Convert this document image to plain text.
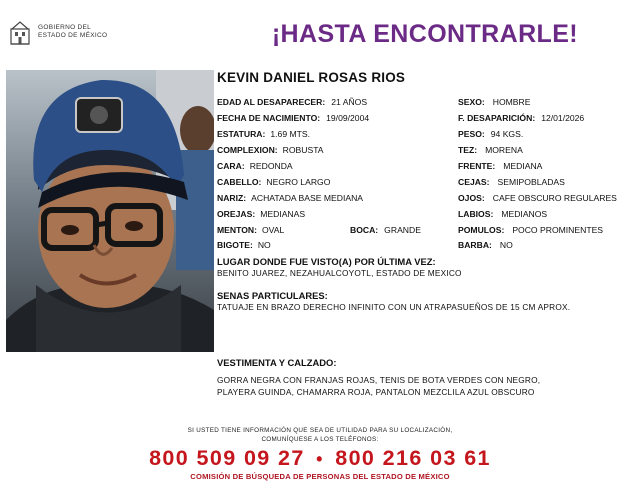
GOBIERNO DEL
ESTADO DE MÉXICO	¡HASTA ENCONTRARLE!
KEVIN DANIEL ROSAS RIOS
EDAD AL DESAPARECER: 21 AÑOS
FECHA DE NACIMIENTO: 19/09/2004
ESTATURA: 1.69 MTS.
COMPLEXION: ROBUSTA
CARA: REDONDA
CABELLO: NEGRO LARGO
NARIZ: ACHATADA BASE MEDIANA
OREJAS: MEDIANAS
MENTON: OVAL
BIGOTE: NO
BOCA: GRANDE
SEXO: HOMBRE
F. DESAPARICIÓN: 12/01/2026
PESO: 94 KGS.
TEZ: MORENA
FRENTE: MEDIANA
CEJAS: SEMIPOBLADAS
OJOS: CAFE OBSCURO REGULARES
LABIOS: MEDIANOS
POMULOS: POCO PROMINENTES
BARBA: NO
LUGAR DONDE FUE VISTO(A) POR ÚLTIMA VEZ:
BENITO JUAREZ, NEZAHUALCOYOTL, ESTADO DE MEXICO
SENAS PARTICULARES:
TATUAJE EN BRAZO DERECHO INFINITO CON UN ATRAPASUEÑOS DE 15 CM APROX.
VESTIMENTA Y CALZADO:
GORRA NEGRA CON FRANJAS ROJAS, TENIS DE BOTA VERDES CON NEGRO,
PLAYERA GUINDA, CHAMARRA ROJA, PANTALON MEZCLILA AZUL OBSCURO
SI USTED TIENE INFORMACIÓN QUE SEA DE UTILIDAD PARA SU LOCALIZACIÓN,
COMUNÍQUESE A LOS TELÉFONOS:
800 509 09 27 • 800 216 03 61
COMISIÓN DE BÚSQUEDA DE PERSONAS DEL ESTADO DE MÉXICO
